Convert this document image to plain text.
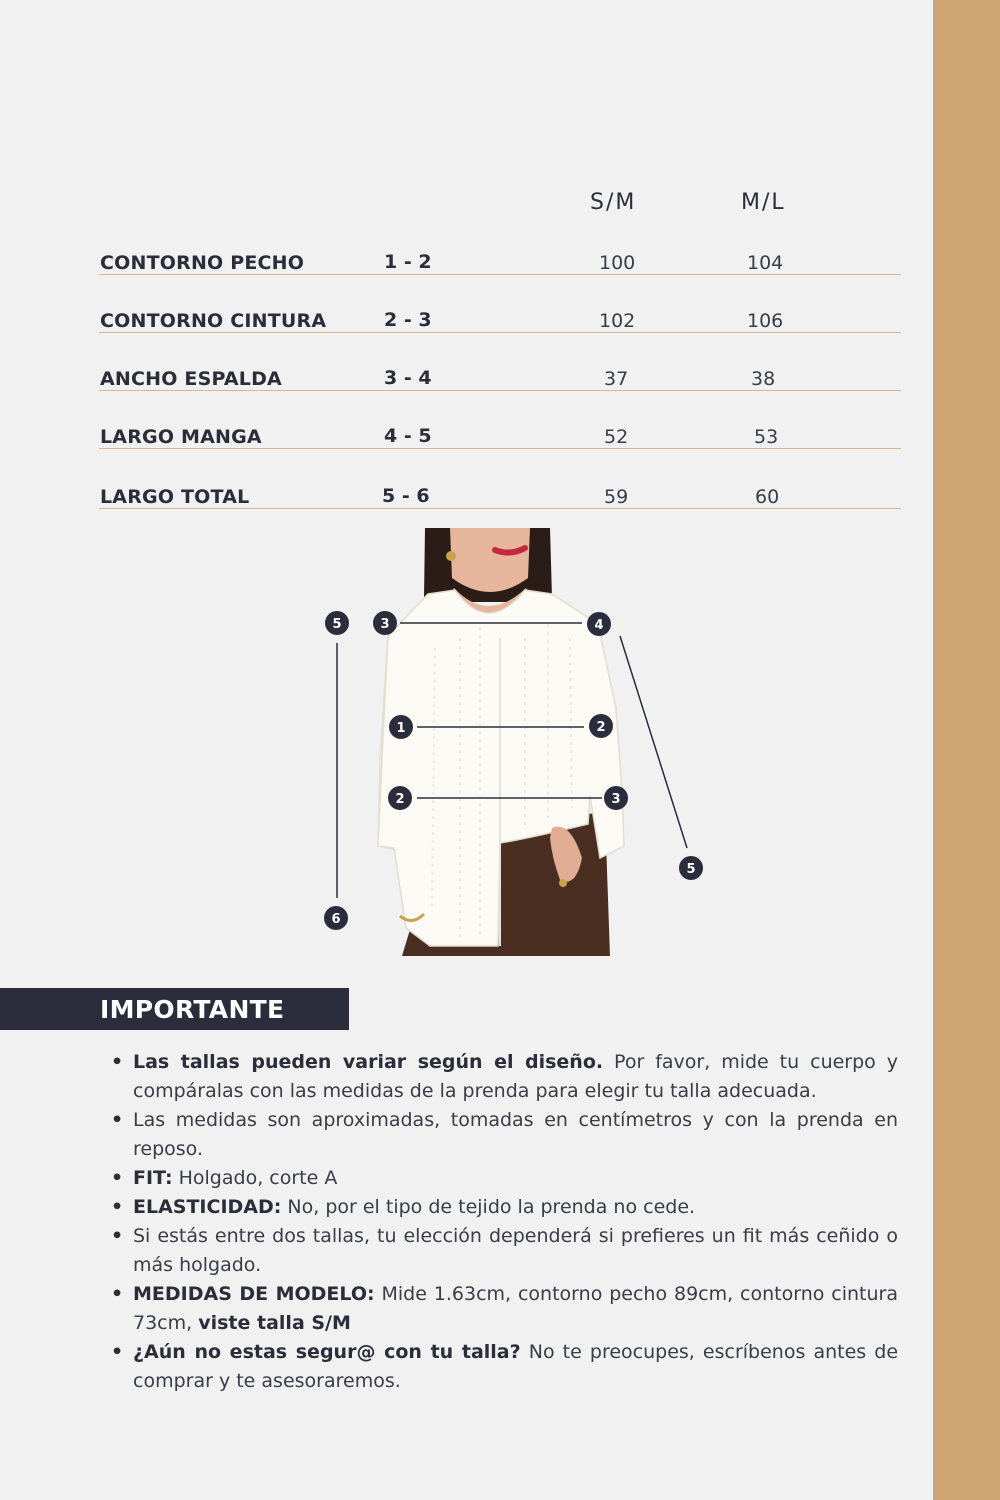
S/M	M/L
CONTORNO PECHO	1 - 2	100	104
CONTORNO CINTURA	2 - 3	102	106
ANCHO ESPALDA	3 - 4	37	38
LARGO MANGA	4 - 5	52	53
LARGO TOTAL	5 - 6	59	60
5	3	4
1	2
2	3
5
6
IMPORTANTE
• Las tallas pueden variar según el diseño. Por favor, mide tu cuerpo y compáralas con las medidas de la prenda para elegir tu talla adecuada.
• Las medidas son aproximadas, tomadas en centímetros y con la prenda en reposo.
• FIT: Holgado, corte A
• ELASTICIDAD: No, por el tipo de tejido la prenda no cede.
• Si estás entre dos tallas, tu elección dependerá si prefieres un fit más ceñido o más holgado.
• MEDIDAS DE MODELO: Mide 1.63cm, contorno pecho 89cm, contorno cintura 73cm, viste talla S/M
• ¿Aún no estas segur@ con tu talla? No te preocupes, escríbenos antes de comprar y te asesoraremos.
